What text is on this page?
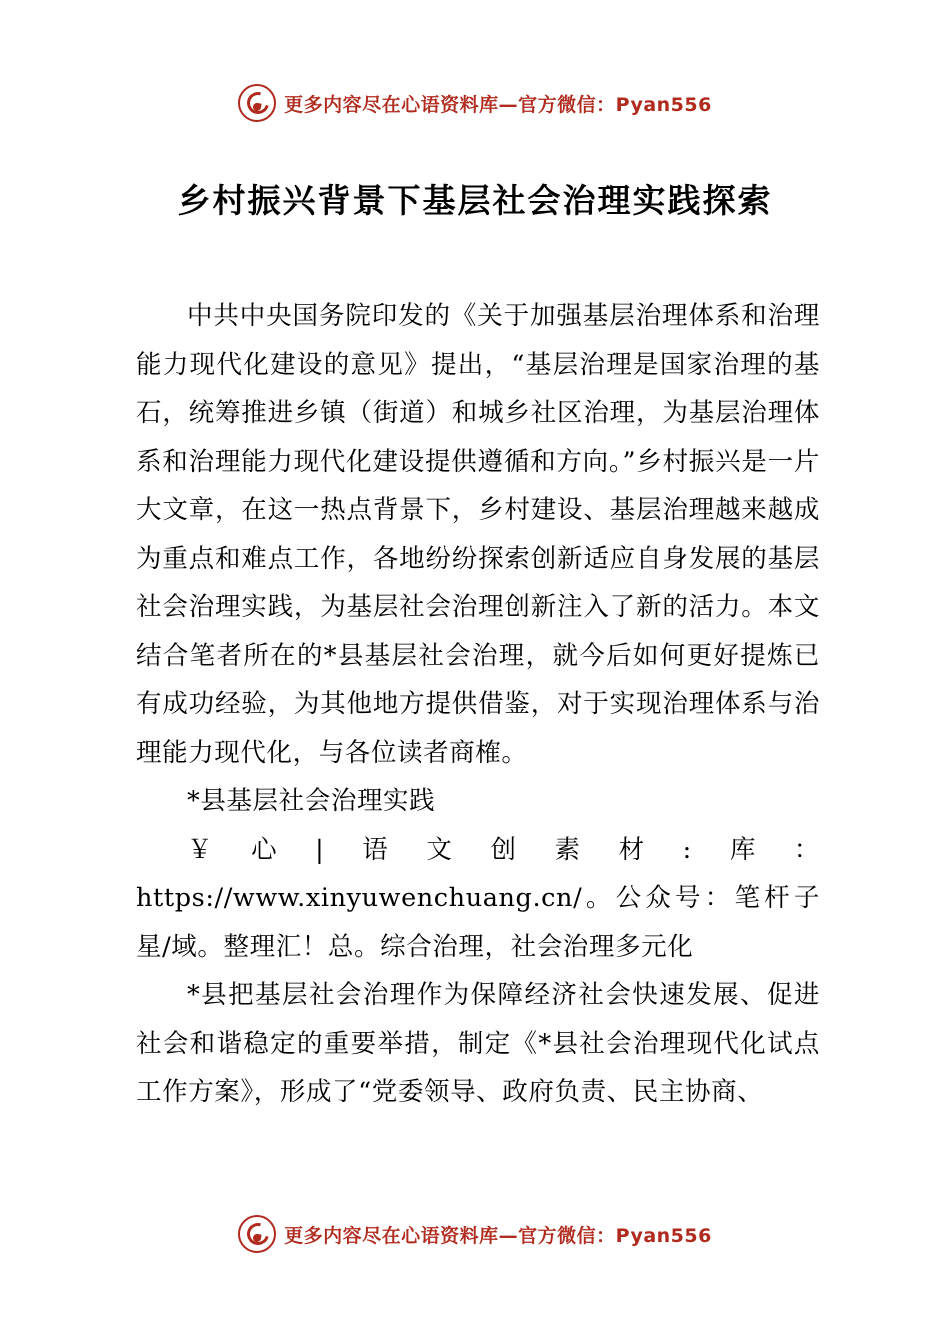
更多内容尽在心语资料库— 官方微信：Pyan556
乡村振兴背景下基层社会治理实践探索

中共中央国务院印发的《关于加强基层治理体系和治理能力现代化建设的意见》提出，“基层治理是国家治理的基石，统筹推进乡镇（街道）和城乡社区治理，为基层治理体系和治理能力现代化建设提供遵循和方向。”乡村振兴是一片大文章，在这一热点背景下，乡村建设、基层治理越来越成为重点和难点工作，各地纷纷探索创新适应自身发展的基层社会治理实践，为基层社会治理创新注入了新的活力。本文结合笔者所在的*县基层社会治理，就今后如何更好提炼已有成功经验，为其他地方提供借鉴，对于实现治理体系与治理能力现代化，与各位读者商榷。

*县基层社会治理实践

￥心|语文创素材:库：https://www.xinyuwenchuang.cn/。公众号：笔杆子星/域。整理汇！总。综合治理，社会治理多元化

*县把基层社会治理作为保障经济社会快速发展、促进社会和谐稳定的重要举措，制定《*县社会治理现代化试点工作方案》，形成了“党委领导、政府负责、民主协商、

更多内容尽在心语资料库— 官方微信：Pyan556
